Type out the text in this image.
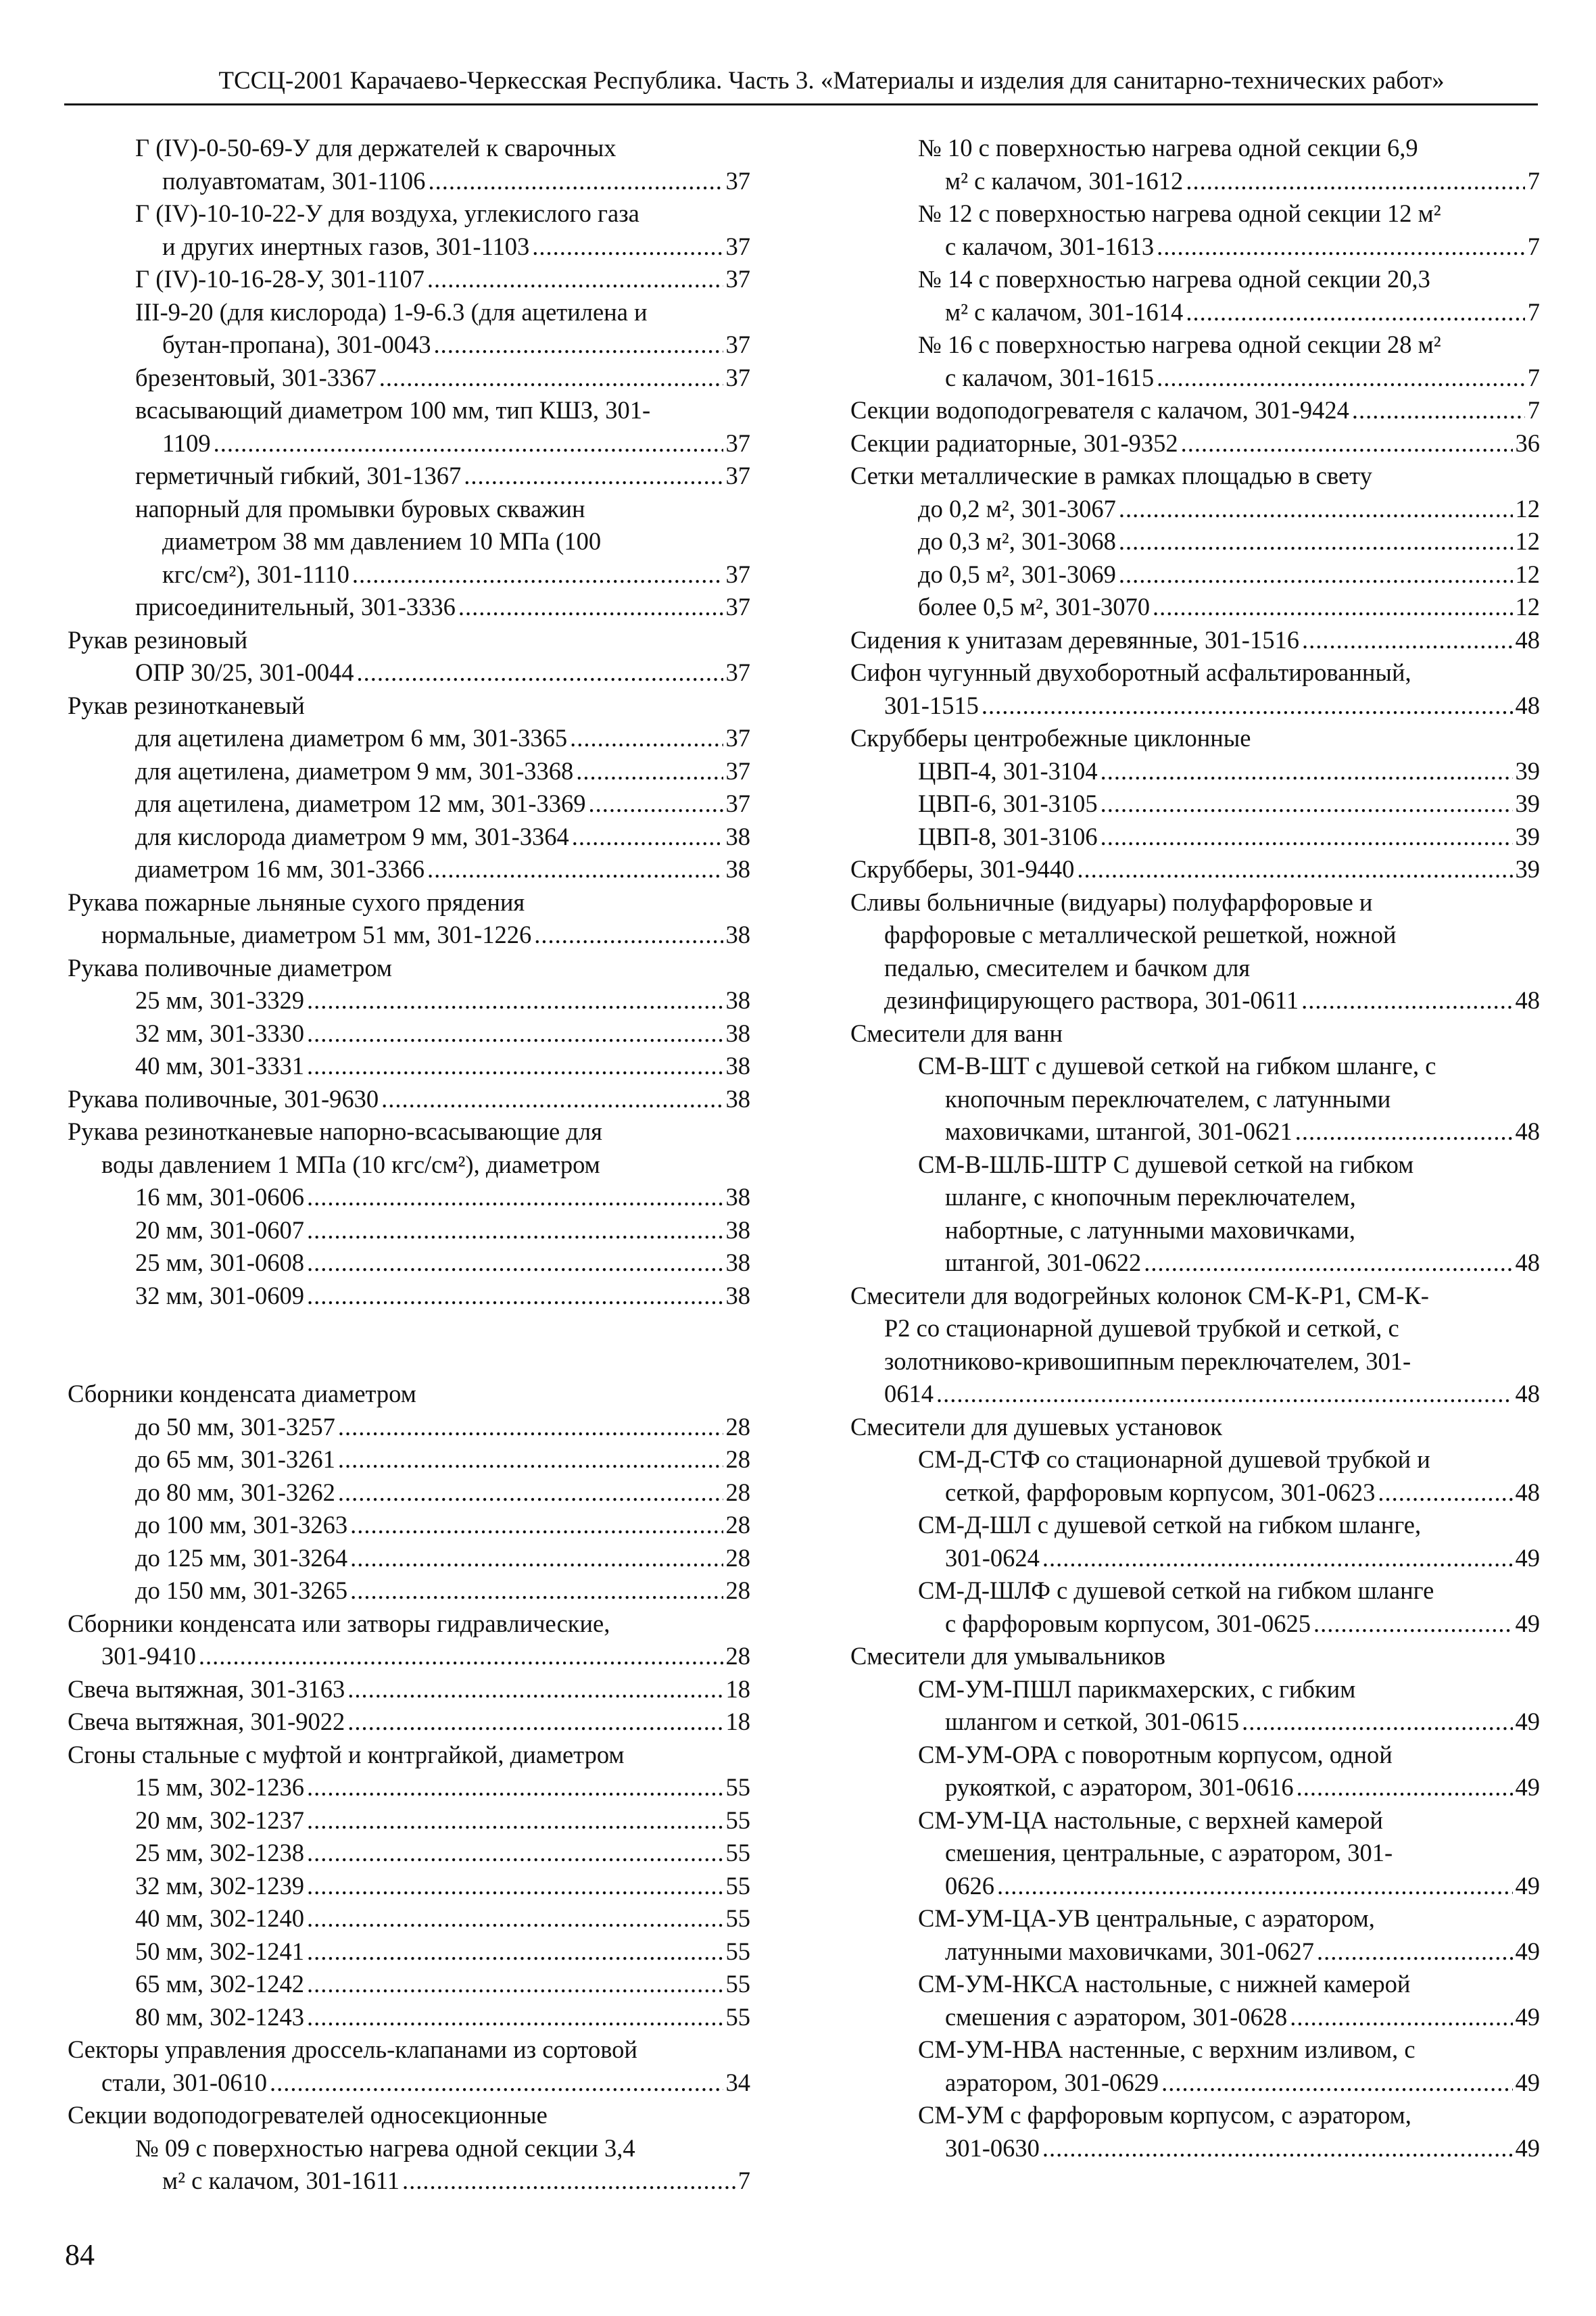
ТССЦ-2001 Карачаево-Черкесская Республика. Часть 3. «Материалы и изделия для санитарно-технических работ»
Г (IV)-0-50-69-У для держателей к сварочных
полуавтоматам, 301-1106 .....	37
Г (IV)-10-10-22-У для воздуха, углекислого газа
и других инертных газов, 301-1103 .....	37
Г (IV)-10-16-28-У, 301-1107 .....	37
III-9-20 (для кислорода) 1-9-6.3 (для ацетилена и
бутан-пропана), 301-0043 .....	37
брезентовый, 301-3367 .....	37
всасывающий диаметром 100 мм, тип КШЗ, 301-
1109 .....	37
герметичный гибкий, 301-1367 .....	37
напорный для промывки буровых скважин
диаметром 38 мм давлением 10 МПа (100
кгс/см²), 301-1110 .....	37
присоединительный, 301-3336 .....	37
Рукав резиновый
ОПР 30/25, 301-0044 .....	37
Рукав резинотканевый
для ацетилена диаметром 6 мм, 301-3365 .....	37
для ацетилена, диаметром 9 мм, 301-3368 .....	37
для ацетилена, диаметром 12 мм, 301-3369 .....	37
для кислорода диаметром 9 мм, 301-3364 .....	38
диаметром 16 мм, 301-3366 .....	38
Рукава пожарные льняные сухого прядения
нормальные, диаметром 51 мм, 301-1226 .....	38
Рукава поливочные диаметром
25 мм, 301-3329 .....	38
32 мм, 301-3330 .....	38
40 мм, 301-3331 .....	38
Рукава поливочные, 301-9630 .....	38
Рукава резинотканевые напорно-всасывающие для
воды давлением 1 МПа (10 кгс/см²), диаметром
16 мм, 301-0606 .....	38
20 мм, 301-0607 .....	38
25 мм, 301-0608 .....	38
32 мм, 301-0609 .....	38
Сборники конденсата диаметром
до 50 мм, 301-3257 .....	28
до 65 мм, 301-3261 .....	28
до 80 мм, 301-3262 .....	28
до 100 мм, 301-3263 .....	28
до 125 мм, 301-3264 .....	28
до 150 мм, 301-3265 .....	28
Сборники конденсата или затворы гидравлические,
301-9410 .....	28
Свеча вытяжная, 301-3163 .....	18
Свеча вытяжная, 301-9022 .....	18
Сгоны стальные с муфтой и контргайкой, диаметром
15 мм, 302-1236 .....	55
20 мм, 302-1237 .....	55
25 мм, 302-1238 .....	55
32 мм, 302-1239 .....	55
40 мм, 302-1240 .....	55
50 мм, 302-1241 .....	55
65 мм, 302-1242 .....	55
80 мм, 302-1243 .....	55
Секторы управления дроссель-клапанами из сортовой
стали, 301-0610 .....	34
Секции водоподогревателей односекционные
№ 09 с поверхностью нагрева одной секции 3,4
м² с калачом, 301-1611 .....	7
№ 10 с поверхностью нагрева одной секции 6,9
м² с калачом, 301-1612 .....	7
№ 12 с поверхностью нагрева одной секции 12 м²
с калачом, 301-1613 .....	7
№ 14 с поверхностью нагрева одной секции 20,3
м² с калачом, 301-1614 .....	7
№ 16 с поверхностью нагрева одной секции 28 м²
с калачом, 301-1615 .....	7
Секции водоподогревателя с калачом, 301-9424 .....	7
Секции радиаторные, 301-9352 .....	36
Сетки металлические в рамках площадью в свету
до 0,2 м², 301-3067 .....	12
до 0,3 м², 301-3068 .....	12
до 0,5 м², 301-3069 .....	12
более 0,5 м², 301-3070 .....	12
Сидения к унитазам деревянные, 301-1516 .....	48
Сифон чугунный двухоборотный асфальтированный,
301-1515 .....	48
Скрубберы центробежные циклонные
ЦВП-4, 301-3104 .....	39
ЦВП-6, 301-3105 .....	39
ЦВП-8, 301-3106 .....	39
Скрубберы, 301-9440 .....	39
Сливы больничные (видуары) полуфарфоровые и
фарфоровые с металлической решеткой, ножной
педалью, смесителем и бачком для
дезинфицирующего раствора, 301-0611 .....	48
Смесители для ванн
СМ-В-ШТ с душевой сеткой на гибком шланге, с
кнопочным переключателем, с латунными
маховичками, штангой, 301-0621 .....	48
СМ-В-ШЛБ-ШТР С душевой сеткой на гибком
шланге, с кнопочным переключателем,
набортные, с латунными маховичками,
штангой, 301-0622 .....	48
Смесители для водогрейных колонок СМ-К-Р1, СМ-К-
Р2 со стационарной душевой трубкой и сеткой, с
золотниково-кривошипным переключателем, 301-
0614 .....	48
Смесители для душевых установок
СМ-Д-СТФ со стационарной душевой трубкой и
сеткой, фарфоровым корпусом, 301-0623 .....	48
СМ-Д-ШЛ с душевой сеткой на гибком шланге,
301-0624 .....	49
СМ-Д-ШЛФ с душевой сеткой на гибком шланге
с фарфоровым корпусом, 301-0625 .....	49
Смесители для умывальников
СМ-УМ-ПШЛ парикмахерских, с гибким
шлангом и сеткой, 301-0615 .....	49
СМ-УМ-ОРА с поворотным корпусом, одной
рукояткой, с аэратором, 301-0616 .....	49
СМ-УМ-ЦА настольные, с верхней камерой
смешения, центральные, с аэратором, 301-
0626 .....	49
СМ-УМ-ЦА-УВ центральные, с аэратором,
латунными маховичками, 301-0627 .....	49
СМ-УМ-НКСА настольные, с нижней камерой
смешения с аэратором, 301-0628 .....	49
СМ-УМ-НВА настенные, с верхним изливом, с
аэратором, 301-0629 .....	49
СМ-УМ с фарфоровым корпусом, с аэратором,
301-0630 .....	49
84
